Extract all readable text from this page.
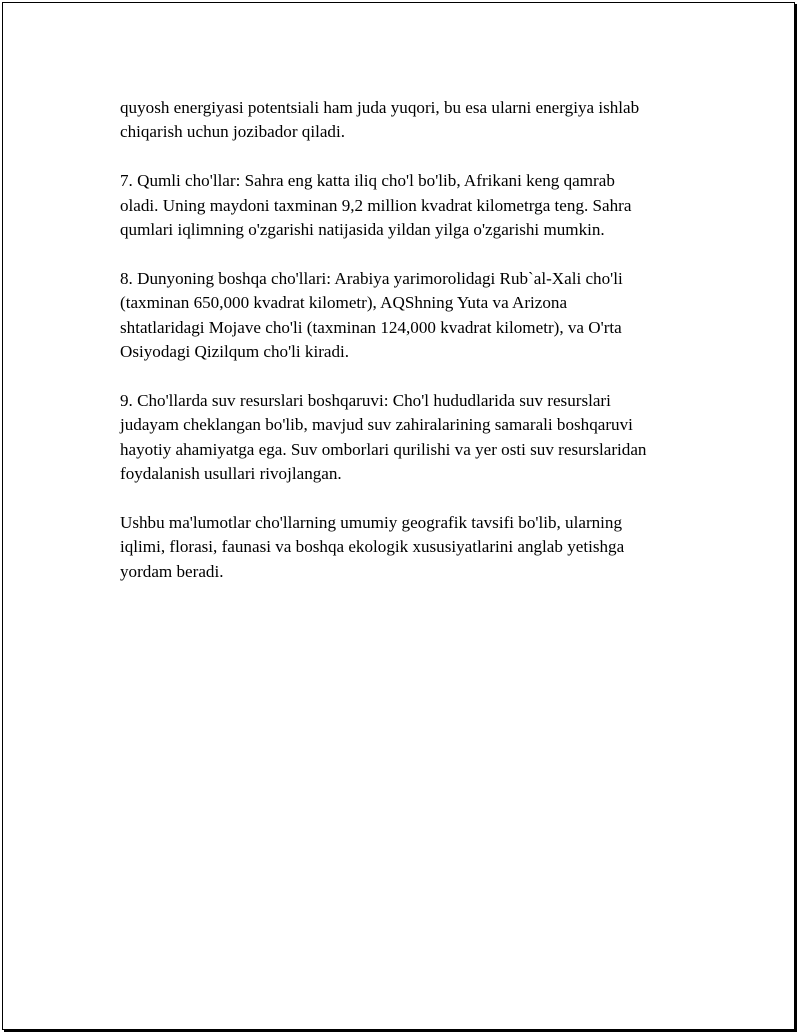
quyosh energiyasi potentsiali ham juda yuqori, bu esa ularni energiya ishlab
chiqarish uchun jozibador qiladi.

7. Qumli cho'llar: Sahra eng katta iliq cho'l bo'lib, Afrikani keng qamrab
oladi. Uning maydoni taxminan 9,2 million kvadrat kilometrga teng. Sahra
qumlari iqlimning o'zgarishi natijasida yildan yilga o'zgarishi mumkin.

8. Dunyoning boshqa cho'llari: Arabiya yarimorolidagi Rub`al-Xali cho'li
(taxminan 650,000 kvadrat kilometr), AQShning Yuta va Arizona
shtatlaridagi Mojave cho'li (taxminan 124,000 kvadrat kilometr), va O'rta
Osiyodagi Qizilqum cho'li kiradi.

9. Cho'llarda suv resurslari boshqaruvi: Cho'l hududlarida suv resurslari
judayam cheklangan bo'lib, mavjud suv zahiralarining samarali boshqaruvi
hayotiy ahamiyatga ega. Suv omborlari qurilishi va yer osti suv resurslaridan
foydalanish usullari rivojlangan.

Ushbu ma'lumotlar cho'llarning umumiy geografik tavsifi bo'lib, ularning
iqlimi, florasi, faunasi va boshqa ekologik xususiyatlarini anglab yetishga
yordam beradi.
